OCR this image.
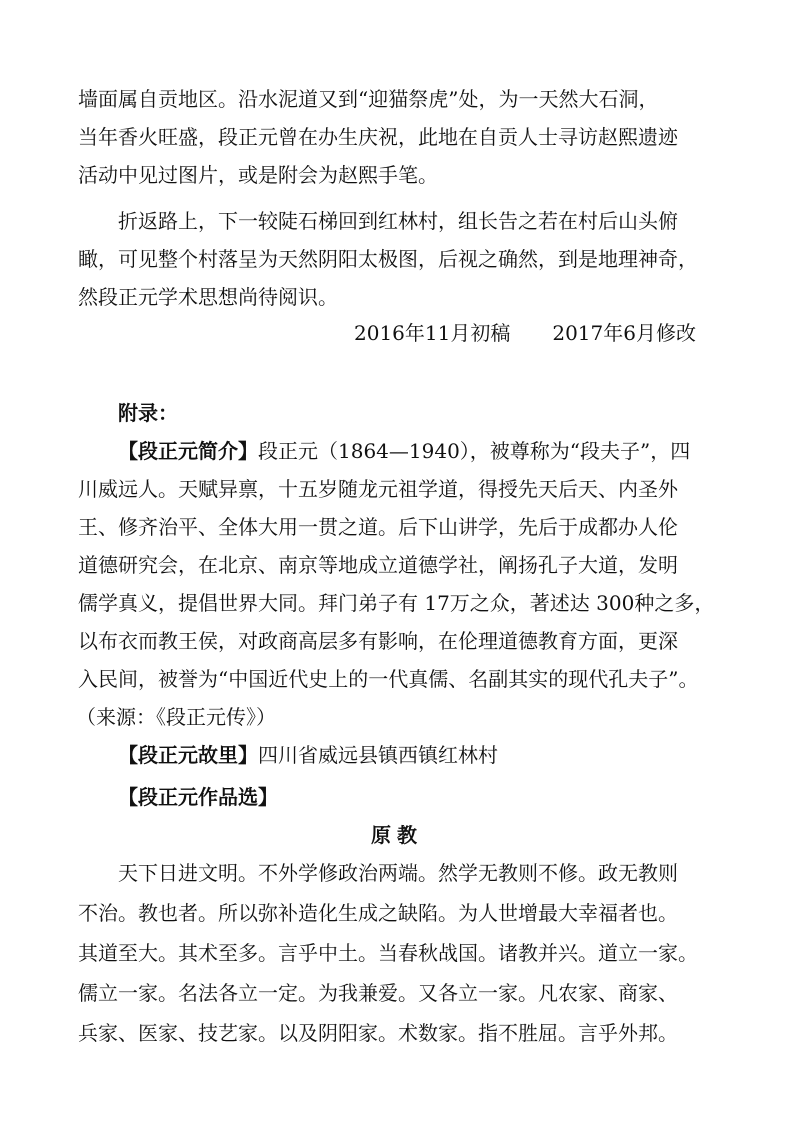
墙面属自贡地区。沿水泥道又到“迎猫祭虎”处，为一天然大石洞，
当年香火旺盛，段正元曾在办生庆祝，此地在自贡人士寻访赵熙遗迹
活动中见过图片，或是附会为赵熙手笔。
折返路上，下一较陡石梯回到红林村，组长告之若在村后山头俯
瞰，可见整个村落呈为天然阴阳太极图，后视之确然，到是地理神奇，
然段正元学术思想尚待阅识。
2016年11月初稿 2017年6月修改
附录：
【段正元简介】段正元（1864—1940），被尊称为“段夫子”，四
川威远人。天赋异禀，十五岁随龙元祖学道，得授先天后天、内圣外
王、修齐治平、全体大用一贯之道。后下山讲学，先后于成都办人伦
道德研究会，在北京、南京等地成立道德学社，阐扬孔子大道，发明
儒学真义，提倡世界大同。拜门弟子有 17万之众，著述达 300种之多，
以布衣而教王侯，对政商高层多有影响，在伦理道德教育方面，更深
入民间，被誉为“中国近代史上的一代真儒、名副其实的现代孔夫子”。
（来源：《段正元传》）
【段正元故里】四川省威远县镇西镇红林村
【段正元作品选】
原教
天下日进文明。不外学修政治两端。然学无教则不修。政无教则
不治。教也者。所以弥补造化生成之缺陷。为人世增最大幸福者也。
其道至大。其术至多。言乎中土。当春秋战国。诸教并兴。道立一家。
儒立一家。名法各立一定。为我兼爱。又各立一家。凡农家、商家、
兵家、医家、技艺家。以及阴阳家。术数家。指不胜屈。言乎外邦。
